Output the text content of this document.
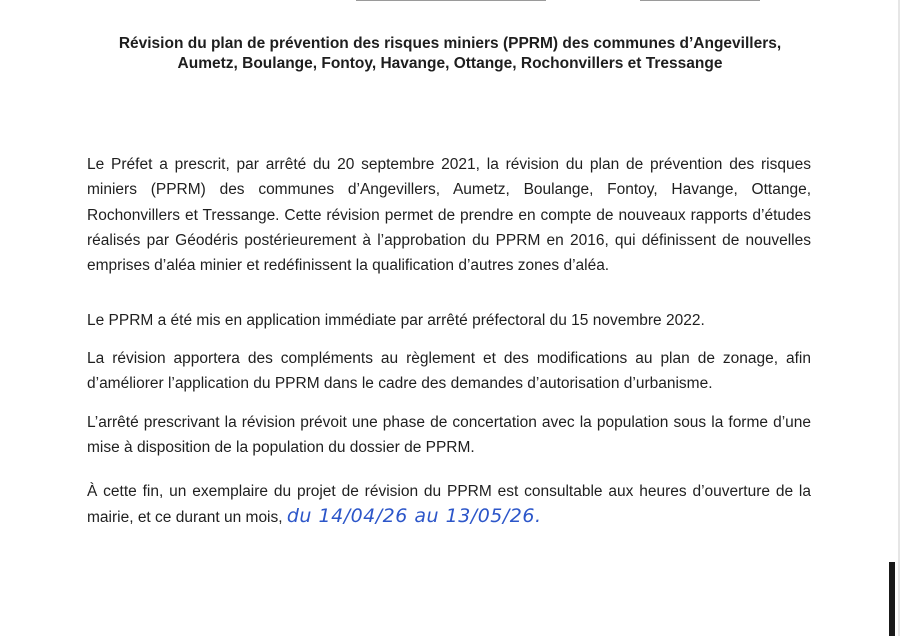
Révision du plan de prévention des risques miniers (PPRM) des communes d’Angevillers,
Aumetz, Boulange, Fontoy, Havange, Ottange, Rochonvillers et Tressange

Le Préfet a prescrit, par arrêté du 20 septembre 2021, la révision du plan de prévention des risques miniers (PPRM) des communes d’Angevillers, Aumetz, Boulange, Fontoy, Havange, Ottange, Rochonvillers et Tressange. Cette révision permet de prendre en compte de nouveaux rapports d’études réalisés par Géodéris postérieurement à l’approbation du PPRM en 2016, qui définissent de nouvelles emprises d’aléa minier et redéfinissent la qualification d’autres zones d’aléa.

Le PPRM a été mis en application immédiate par arrêté préfectoral du 15 novembre 2022.

La révision apportera des compléments au règlement et des modifications au plan de zonage, afin d’améliorer l’application du PPRM dans le cadre des demandes d’autorisation d’urbanisme.

L’arrêté prescrivant la révision prévoit une phase de concertation avec la population sous la forme d’une mise à disposition de la population du dossier de PPRM.

À cette fin, un exemplaire du projet de révision du PPRM est consultable aux heures d’ouverture de la mairie, et ce durant un mois, du 14/04/26 au 13/05/26.
